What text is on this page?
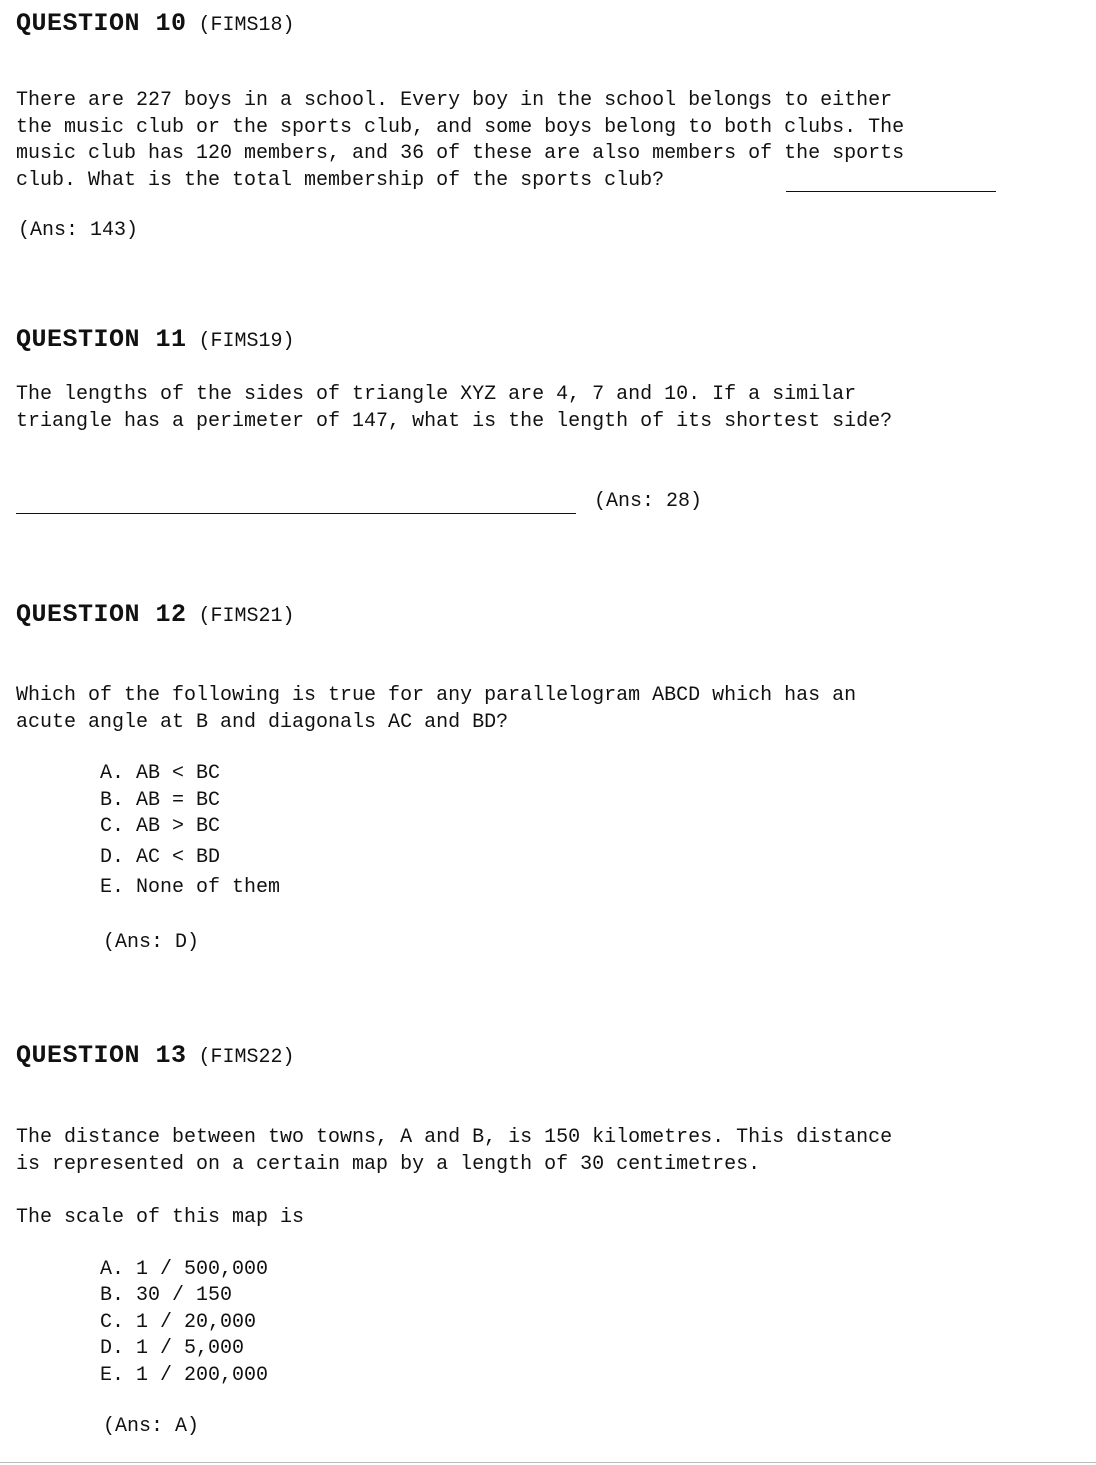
QUESTION 10 (FIMS18)
There are 227 boys in a school. Every boy in the school belongs to either
the music club or the sports club, and some boys belong to both clubs. The
music club has 120 members, and 36 of these are also members of the sports
club. What is the total membership of the sports club?
(Ans: 143)
QUESTION 11 (FIMS19)
The lengths of the sides of triangle XYZ are 4, 7 and 10. If a similar
triangle has a perimeter of 147, what is the length of its shortest side?
(Ans: 28)
QUESTION 12 (FIMS21)
Which of the following is true for any parallelogram ABCD which has an
acute angle at B and diagonals AC and BD?
A. AB < BC
B. AB = BC
C. AB > BC
D. AC < BD
E. None of them
(Ans: D)
QUESTION 13 (FIMS22)
The distance between two towns, A and B, is 150 kilometres. This distance
is represented on a certain map by a length of 30 centimetres.
The scale of this map is
A. 1 / 500,000
B. 30 / 150
C. 1 / 20,000
D. 1 / 5,000
E. 1 / 200,000
(Ans: A)
